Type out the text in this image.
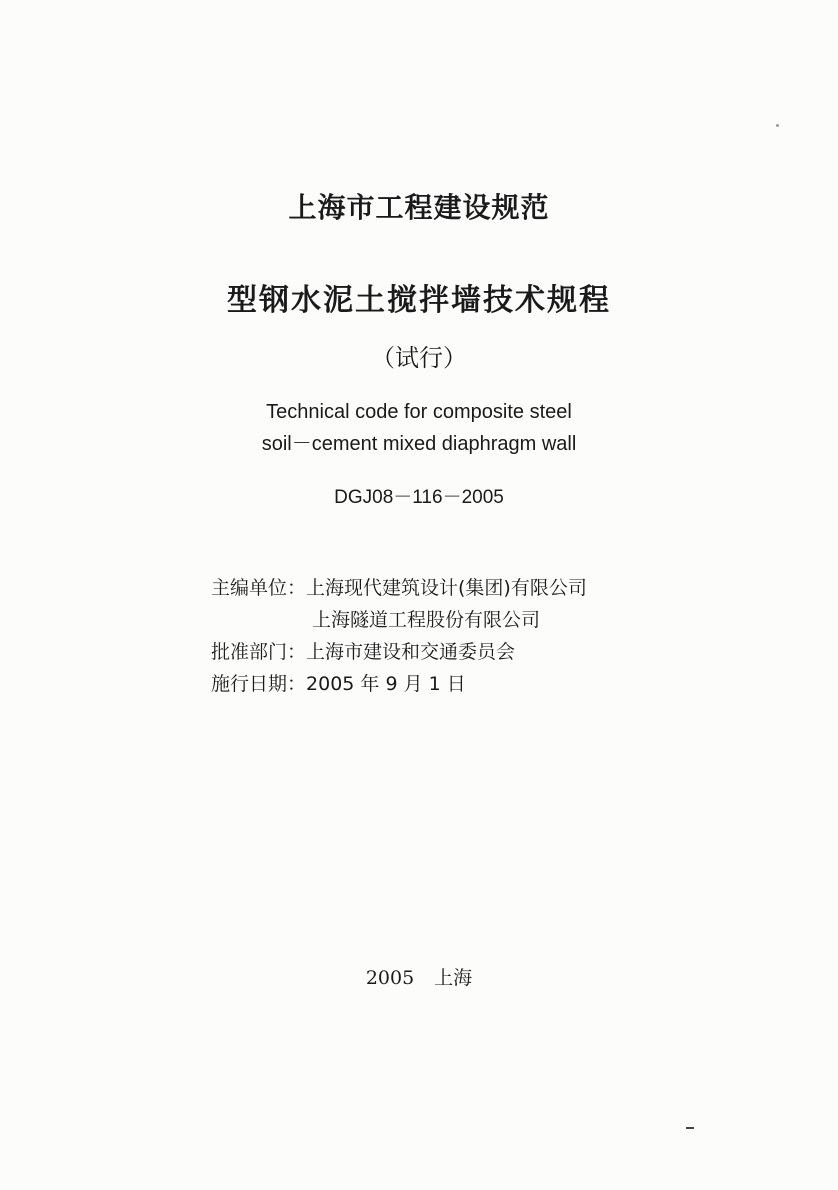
上海市工程建设规范
型钢水泥土搅拌墙技术规程
（试行）
Technical code for composite steel
soil－cement mixed diaphragm wall
DGJ08－116－2005
主编单位：上海现代建筑设计(集团)有限公司
上海隧道工程股份有限公司
批准部门：上海市建设和交通委员会
施行日期：2005 年 9 月 1 日
2005 上海
